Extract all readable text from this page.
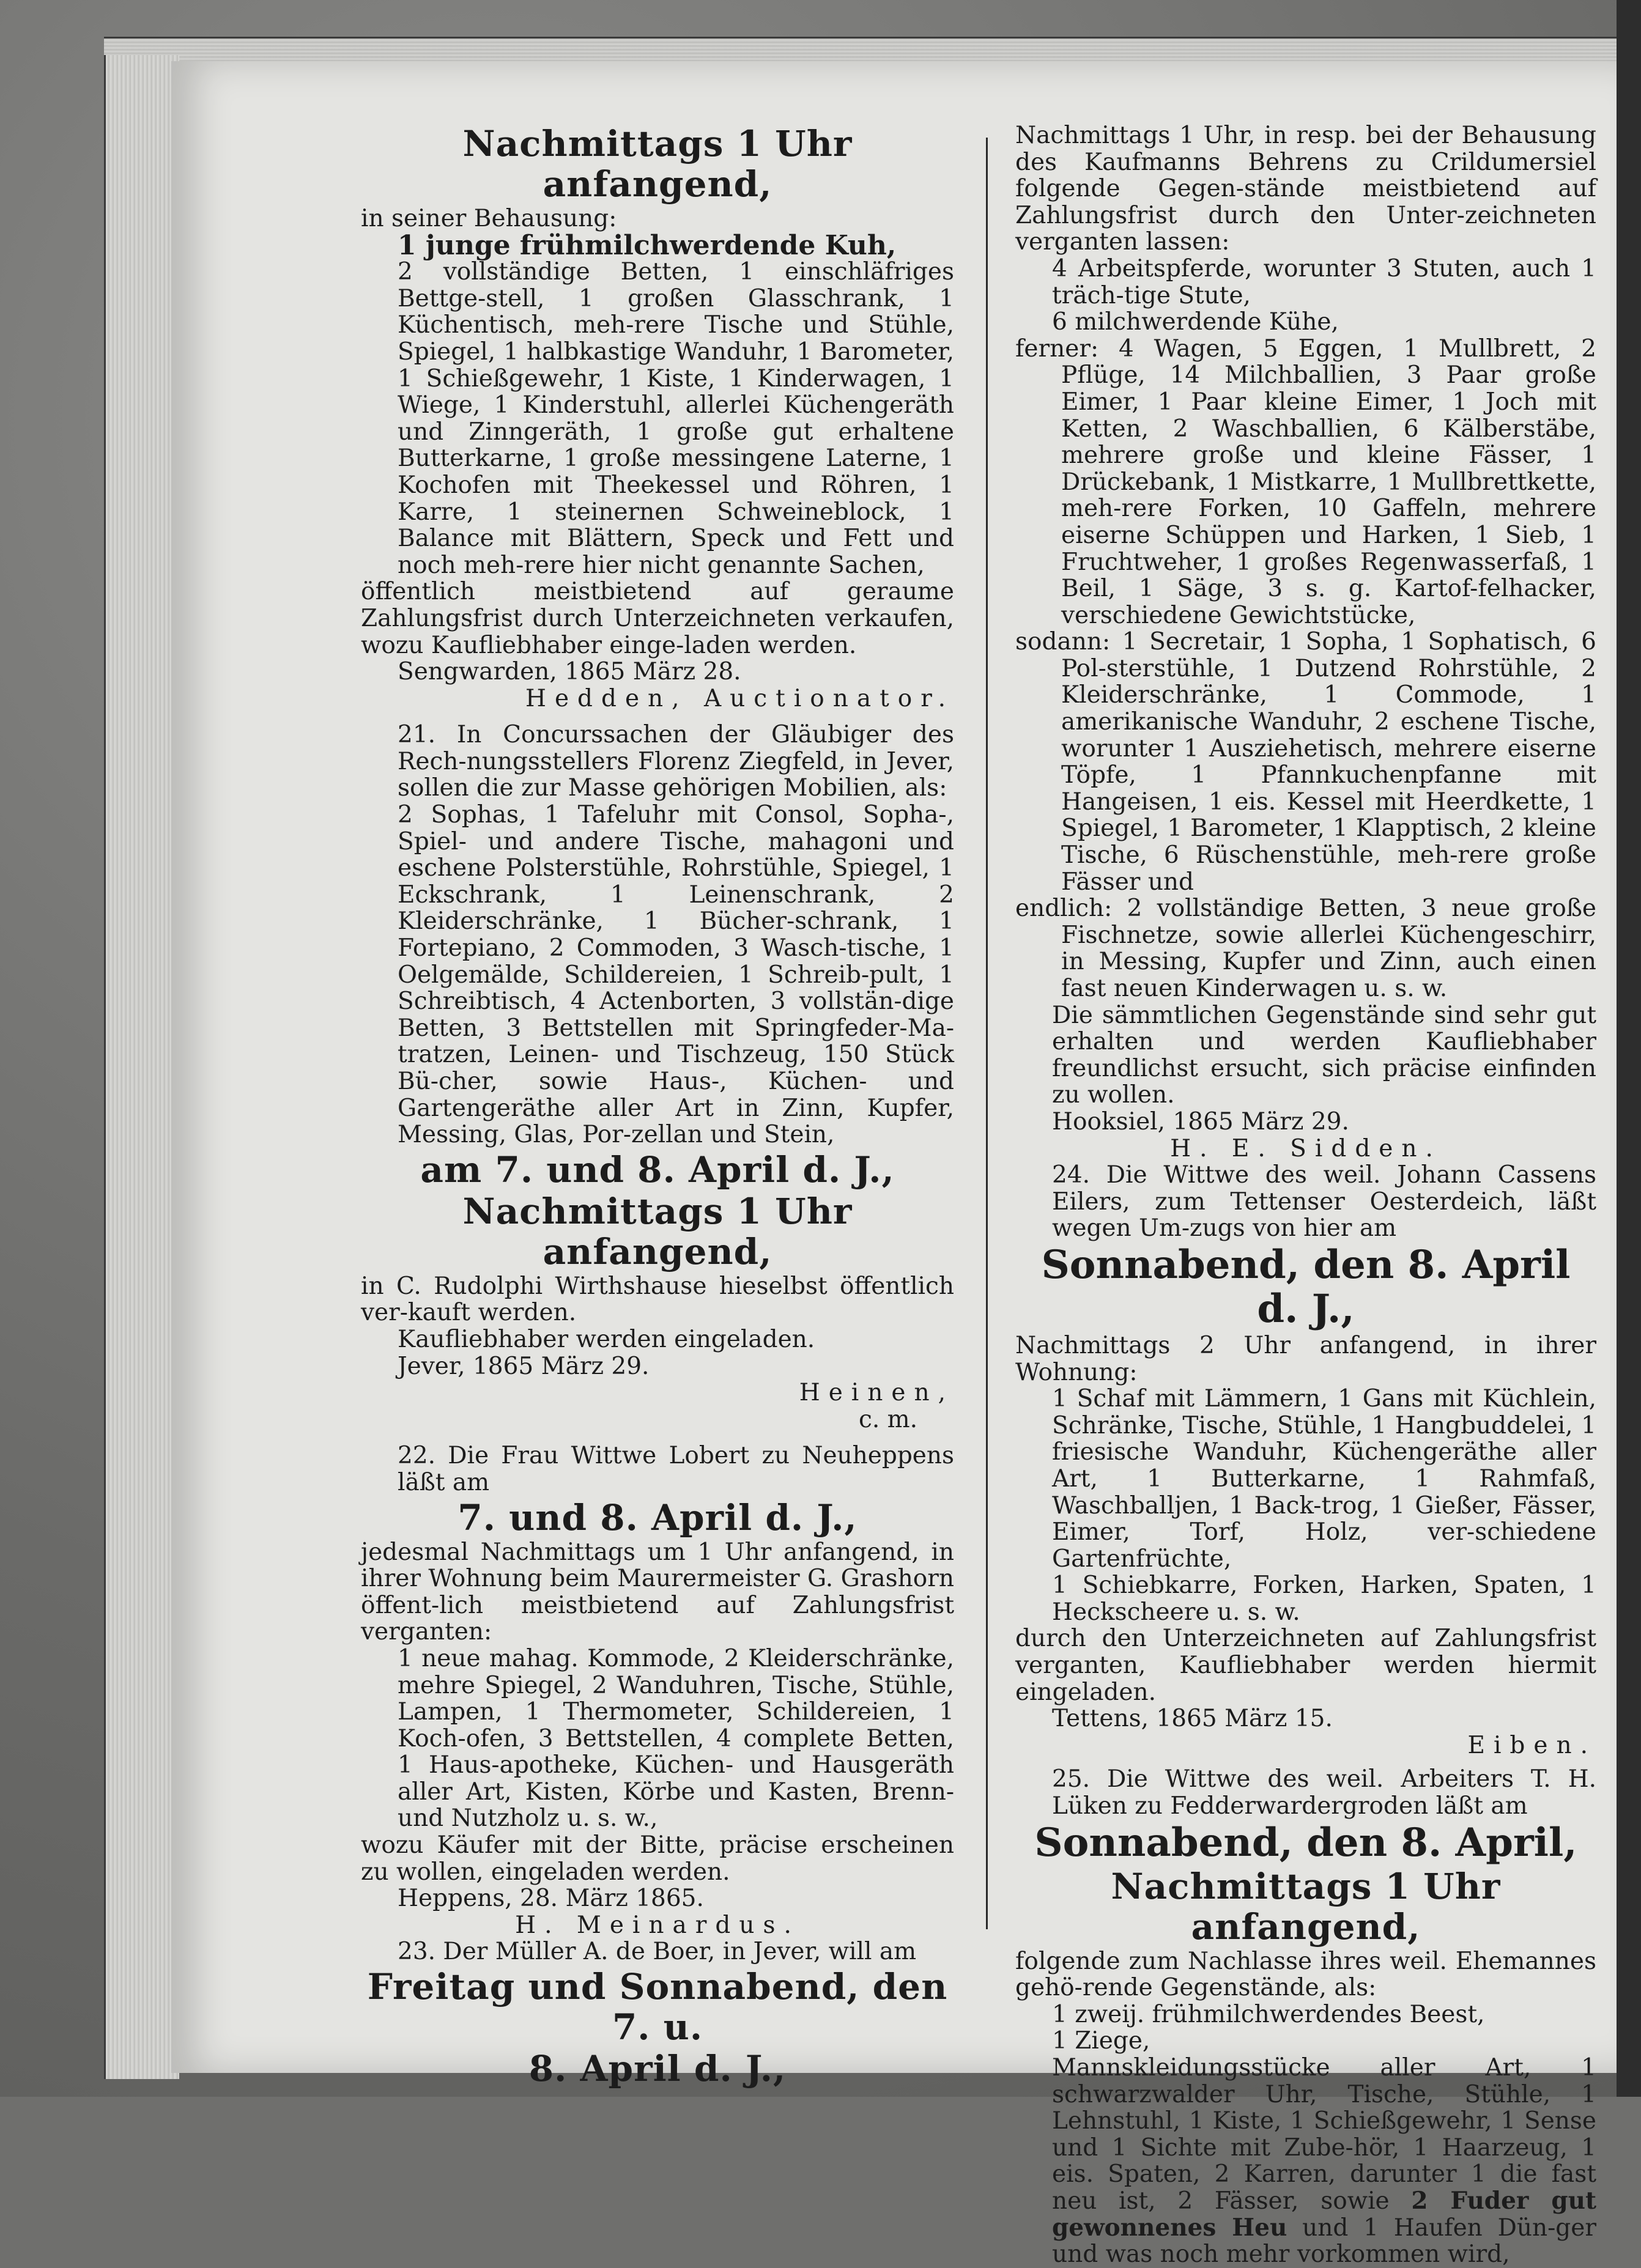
Nachmittags 1 Uhr anfangend,

in seiner Behausung:

1 junge frühmilchwerdende Kuh,

2 vollständige Betten, 1 einschläfriges Bettge-stell, 1 großen Glasschrank, 1 Küchentisch, meh-rere Tische und Stühle, Spiegel, 1 halbkastige Wanduhr, 1 Barometer, 1 Schießgewehr, 1 Kiste, 1 Kinderwagen, 1 Wiege, 1 Kinderstuhl, allerlei Küchengeräth und Zinngeräth, 1 große gut erhaltene Butterkarne, 1 große messingene Laterne, 1 Kochofen mit Theekessel und Röhren, 1 Karre, 1 steinernen Schweineblock, 1 Balance mit Blättern, Speck und Fett und noch meh-rere hier nicht genannte Sachen,

öffentlich meistbietend auf geraume Zahlungsfrist durch Unterzeichneten verkaufen, wozu Kaufliebhaber einge-laden werden.

Sengwarden, 1865 März 28.

Hedden, Auctionator.

21. In Concurssachen der Gläubiger des Rech-nungsstellers Florenz Ziegfeld, in Jever, sollen die zur Masse gehörigen Mobilien, als:

2 Sophas, 1 Tafeluhr mit Consol, Sopha-, Spiel- und andere Tische, mahagoni und eschene Polsterstühle, Rohrstühle, Spiegel, 1 Eckschrank, 1 Leinenschrank, 2 Kleiderschränke, 1 Bücher-schrank, 1 Fortepiano, 2 Commoden, 3 Wasch-tische, 1 Oelgemälde, Schildereien, 1 Schreib-pult, 1 Schreibtisch, 4 Actenborten, 3 vollstän-dige Betten, 3 Bettstellen mit Springfeder-Ma-tratzen, Leinen- und Tischzeug, 150 Stück Bü-cher, sowie Haus-, Küchen- und Gartengeräthe aller Art in Zinn, Kupfer, Messing, Glas, Por-zellan und Stein,

am 7. und 8. April d. J.,

Nachmittags 1 Uhr anfangend,

in C. Rudolphi Wirthshause hieselbst öffentlich ver-kauft werden.

Kaufliebhaber werden eingeladen.

Jever, 1865 März 29.

Heinen,

c. m.

22. Die Frau Wittwe Lobert zu Neuheppens läßt am

7. und 8. April d. J.,

jedesmal Nachmittags um 1 Uhr anfangend, in ihrer Wohnung beim Maurermeister G. Grashorn öffent-lich meistbietend auf Zahlungsfrist verganten:

1 neue mahag. Kommode, 2 Kleiderschränke, mehre Spiegel, 2 Wanduhren, Tische, Stühle, Lampen, 1 Thermometer, Schildereien, 1 Koch-ofen, 3 Bettstellen, 4 complete Betten, 1 Haus-apotheke, Küchen- und Hausgeräth aller Art, Kisten, Körbe und Kasten, Brenn- und Nutzholz u. s. w.,

wozu Käufer mit der Bitte, präcise erscheinen zu wollen, eingeladen werden.

Heppens, 28. März 1865.

H. Meinardus.

23. Der Müller A. de Boer, in Jever, will am

Freitag und Sonnabend, den 7. u.

8. April d. J.,

Nachmittags 1 Uhr, in resp. bei der Behausung des Kaufmanns Behrens zu Crildumersiel folgende Gegen-stände meistbietend auf Zahlungsfrist durch den Unter-zeichneten verganten lassen:

4 Arbeitspferde, worunter 3 Stuten, auch 1 träch-tige Stute,

6 milchwerdende Kühe,

ferner: 4 Wagen, 5 Eggen, 1 Mullbrett, 2 Pflüge, 14 Milchballien, 3 Paar große Eimer, 1 Paar kleine Eimer, 1 Joch mit Ketten, 2 Waschballien, 6 Kälberstäbe, mehrere große und kleine Fässer, 1 Drückebank, 1 Mistkarre, 1 Mullbrettkette, meh-rere Forken, 10 Gaffeln, mehrere eiserne Schüppen und Harken, 1 Sieb, 1 Fruchtweher, 1 großes Regenwasserfaß, 1 Beil, 1 Säge, 3 s. g. Kartof-felhacker, verschiedene Gewichtstücke,

sodann: 1 Secretair, 1 Sopha, 1 Sophatisch, 6 Pol-sterstühle, 1 Dutzend Rohrstühle, 2 Kleiderschränke, 1 Commode, 1 amerikanische Wanduhr, 2 eschene Tische, worunter 1 Ausziehetisch, mehrere eiserne Töpfe, 1 Pfannkuchenpfanne mit Hangeisen, 1 eis. Kessel mit Heerdkette, 1 Spiegel, 1 Barometer, 1 Klapptisch, 2 kleine Tische, 6 Rüschenstühle, meh-rere große Fässer und

endlich: 2 vollständige Betten, 3 neue große Fischnetze, sowie allerlei Küchengeschirr, in Messing, Kupfer und Zinn, auch einen fast neuen Kinderwagen u. s. w.

Die sämmtlichen Gegenstände sind sehr gut erhalten und werden Kaufliebhaber freundlichst ersucht, sich präcise einfinden zu wollen.

Hooksiel, 1865 März 29.

H. E. Sidden.

24. Die Wittwe des weil. Johann Cassens Eilers, zum Tettenser Oesterdeich, läßt wegen Um-zugs von hier am

Sonnabend, den 8. April d. J.,

Nachmittags 2 Uhr anfangend, in ihrer Wohnung:

1 Schaf mit Lämmern, 1 Gans mit Küchlein, Schränke, Tische, Stühle, 1 Hangbuddelei, 1 friesische Wanduhr, Küchengeräthe aller Art, 1 Butterkarne, 1 Rahmfaß, Waschballjen, 1 Back-trog, 1 Gießer, Fässer, Eimer, Torf, Holz, ver-schiedene Gartenfrüchte,

1 Schiebkarre, Forken, Harken, Spaten, 1 Heckscheere u. s. w.

durch den Unterzeichneten auf Zahlungsfrist verganten, Kaufliebhaber werden hiermit eingeladen.

Tettens, 1865 März 15.

Eiben.

25. Die Wittwe des weil. Arbeiters T. H. Lüken zu Fedderwardergroden läßt am

Sonnabend, den 8. April,

Nachmittags 1 Uhr anfangend,

folgende zum Nachlasse ihres weil. Ehemannes gehö-rende Gegenstände, als:

1 zweij. frühmilchwerdendes Beest,

1 Ziege,

Mannskleidungsstücke aller Art, 1 schwarzwalder Uhr, Tische, Stühle, 1 Lehnstuhl, 1 Kiste, 1 Schießgewehr, 1 Sense und 1 Sichte mit Zube-hör, 1 Haarzeug, 1 eis. Spaten, 2 Karren, darunter 1 die fast neu ist, 2 Fässer, sowie 2 Fuder gut gewonnenes Heu und 1 Haufen Dün-ger und was noch mehr vorkommen wird,
